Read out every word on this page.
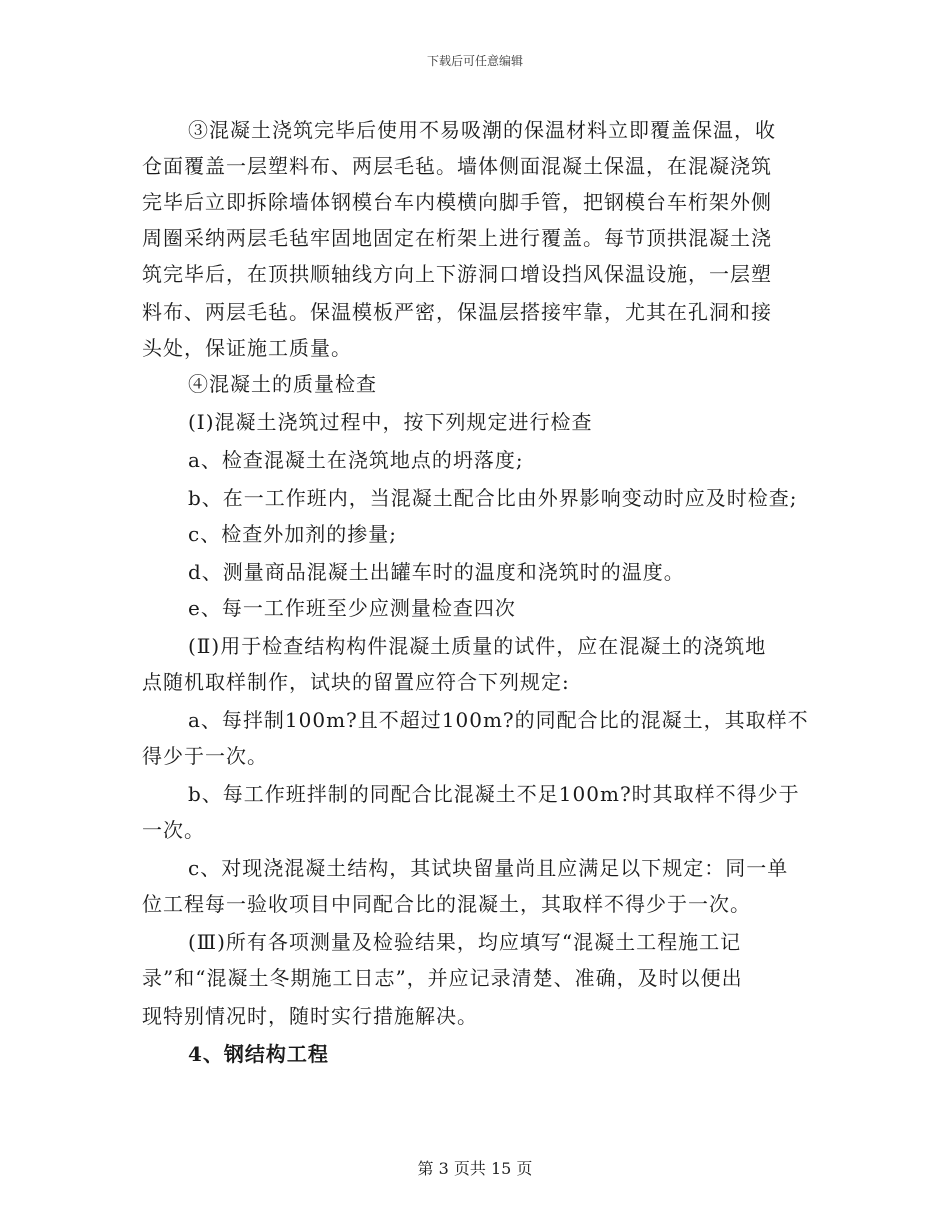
下载后可任意编辑
③混凝土浇筑完毕后使用不易吸潮的保温材料立即覆盖保温，收
仓面覆盖一层塑料布、两层毛毡。墙体侧面混凝土保温，在混凝浇筑
完毕后立即拆除墙体钢模台车内模横向脚手管，把钢模台车桁架外侧
周圈采纳两层毛毡牢固地固定在桁架上进行覆盖。每节顶拱混凝土浇
筑完毕后，在顶拱顺轴线方向上下游洞口增设挡风保温设施，一层塑
料布、两层毛毡。保温模板严密，保温层搭接牢靠，尤其在孔洞和接
头处，保证施工质量。
④混凝土的质量检查
(Ⅰ)混凝土浇筑过程中，按下列规定进行检查
a、检查混凝土在浇筑地点的坍落度;
b、在一工作班内，当混凝土配合比由外界影响变动时应及时检查;
c、检查外加剂的掺量;
d、测量商品混凝土出罐车时的温度和浇筑时的温度。
e、每一工作班至少应测量检查四次
(Ⅱ)用于检查结构构件混凝土质量的试件，应在混凝土的浇筑地
点随机取样制作，试块的留置应符合下列规定:
a、每拌制100m?且不超过100m?的同配合比的混凝土，其取样不
得少于一次。
b、每工作班拌制的同配合比混凝土不足100m?时其取样不得少于
一次。
c、对现浇混凝土结构，其试块留量尚且应满足以下规定：同一单
位工程每一验收项目中同配合比的混凝土，其取样不得少于一次。
(Ⅲ)所有各项测量及检验结果，均应填写“混凝土工程施工记
录”和“混凝土冬期施工日志”，并应记录清楚、准确，及时以便出
现特别情况时，随时实行措施解决。
4、钢结构工程
第 3 页共 15 页
